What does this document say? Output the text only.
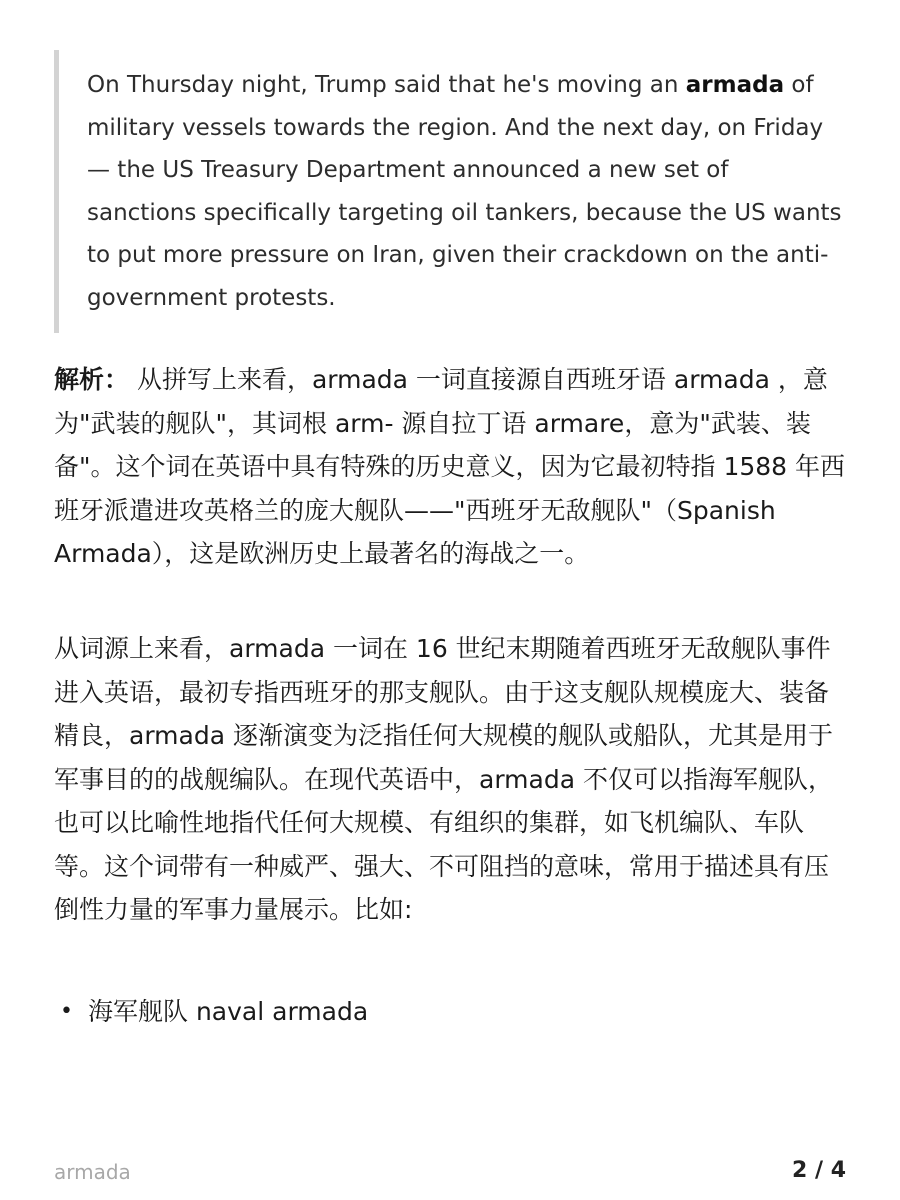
On Thursday night, Trump said that he's moving an armada of military vessels towards the region. And the next day, on Friday — the US Treasury Department announced a new set of sanctions specifically targeting oil tankers, because the US wants to put more pressure on Iran, given their crackdown on the anti-government protests.

解析： 从拼写上来看，armada 一词直接源自西班牙语 armada ，意为"武装的舰队"，其词根 arm- 源自拉丁语 armare，意为"武装、装备"。这个词在英语中具有特殊的历史意义，因为它最初特指 1588 年西班牙派遣进攻英格兰的庞大舰队——"西班牙无敌舰队"（Spanish Armada），这是欧洲历史上最著名的海战之一。

从词源上来看，armada 一词在 16 世纪末期随着西班牙无敌舰队事件进入英语，最初专指西班牙的那支舰队。由于这支舰队规模庞大、装备精良，armada 逐渐演变为泛指任何大规模的舰队或船队，尤其是用于军事目的的战舰编队。在现代英语中，armada 不仅可以指海军舰队，也可以比喻性地指代任何大规模、有组织的集群，如飞机编队、车队等。这个词带有一种威严、强大、不可阻挡的意味，常用于描述具有压倒性力量的军事力量展示。比如:

• 海军舰队 naval armada
armada	2 / 4
